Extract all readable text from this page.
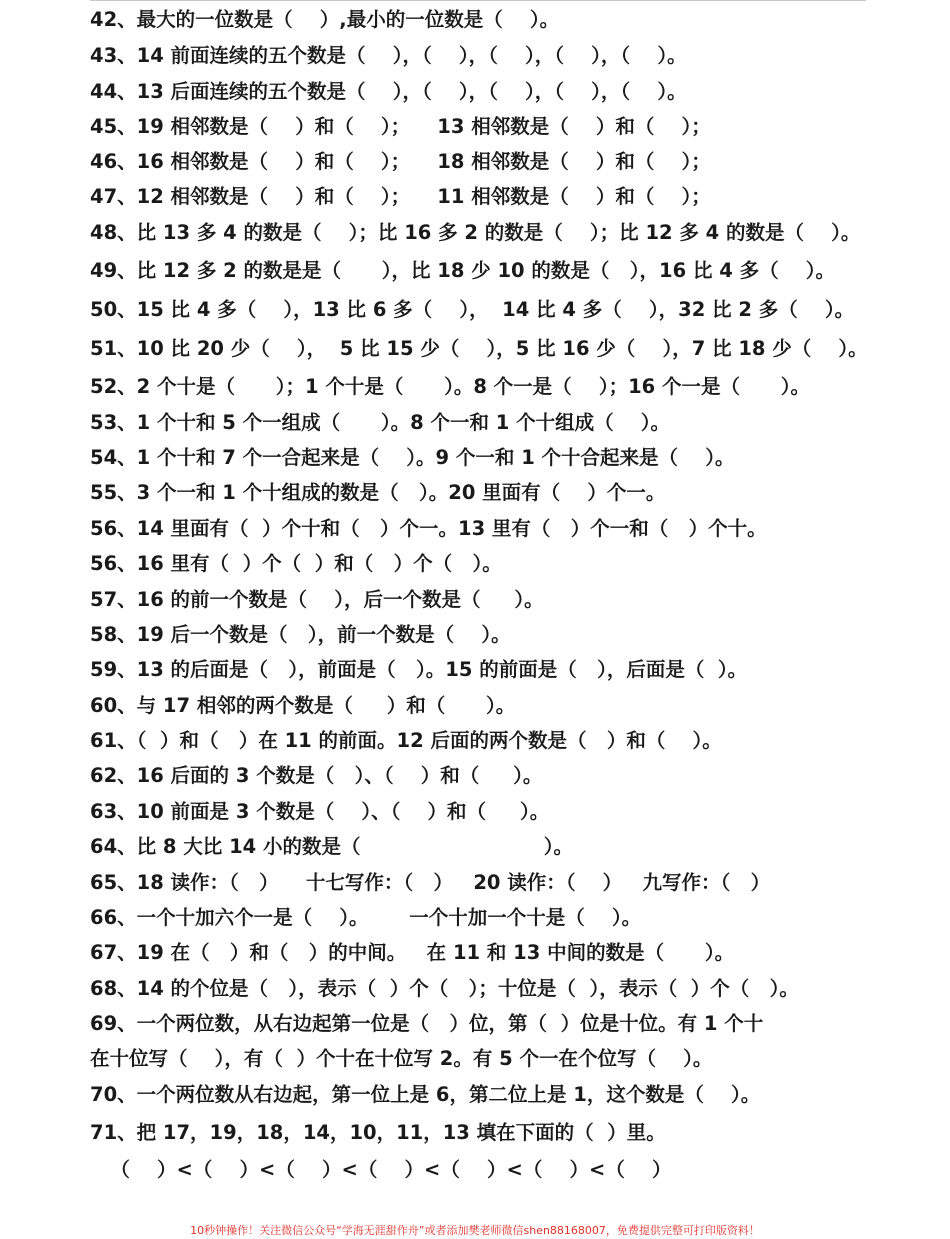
42、最大的一位数是（    ）,最小的一位数是（    ）。
43、14 前面连续的五个数是（    ），（    ），（    ），（    ），（    ）。
44、13 后面连续的五个数是（    ），（    ），（    ），（    ），（    ）。
45、19 相邻数是（    ）和（    ）；    13 相邻数是（    ）和（    ）；
46、16 相邻数是（    ）和（    ）；    18 相邻数是（    ）和（    ）；
47、12 相邻数是（    ）和（    ）；    11 相邻数是（    ）和（    ）；
48、比 13 多 4 的数是（    ）；比 16 多 2 的数是（    ）；比 12 多 4 的数是（    ）。
49、比 12 多 2 的数是是（      ），比 18 少 10 的数是（   ），16 比 4 多（    ）。
50、15 比 4 多（    ），13 比 6 多（    ），  14 比 4 多（    ），32 比 2 多（    ）。
51、10 比 20 少（    ），  5 比 15 少（    ），5 比 16 少（    ），7 比 18 少（    ）。
52、2 个十是（      ）；1 个十是（      ）。8 个一是（    ）；16 个一是（      ）。
53、1 个十和 5 个一组成（      ）。8 个一和 1 个十组成（    ）。
54、1 个十和 7 个一合起来是（    ）。9 个一和 1 个十合起来是（    ）。
55、3 个一和 1 个十组成的数是（   ）。20 里面有（    ）个一。
56、14 里面有（  ）个十和（   ）个一。13 里有（   ）个一和（   ）个十。
56、16 里有（  ）个（  ）和（   ）个（   ）。
57、16 的前一个数是（    ），后一个数是（     ）。
58、19 后一个数是（   ），前一个数是（    ）。
59、13 的后面是（   ），前面是（   ）。15 的前面是（   ），后面是（  ）。
60、与 17 相邻的两个数是（     ）和（      ）。
61、（  ）和（   ）在 11 的前面。12 后面的两个数是（   ）和（    ）。
62、16 后面的 3 个数是（   ）、（    ）和（     ）。
63、10 前面是 3 个数是（    ）、（    ）和（     ）。
64、比 8 大比 14 小的数是（                           ）。
65、18 读作：（   ）    十七写作：（   ）   20 读作：（    ）   九写作：（   ）
66、一个十加六个一是（    ）。      一个十加一个十是（    ）。
67、19 在（   ）和（   ）的中间。   在 11 和 13 中间的数是（      ）。
68、14 的个位是（   ），表示（  ）个（   ）；十位是（  ），表示（  ）个（   ）。
69、一个两位数，从右边起第一位是（   ）位，第（  ）位是十位。有 1 个十
在十位写（    ），有（  ）个十在十位写 2。有 5 个一在个位写（    ）。
70、一个两位数从右边起，第一位上是 6，第二位上是 1，这个数是（    ）。
71、把 17，19，18，14，10，11，13 填在下面的（  ）里。
（    ）<（    ）<（    ）<（    ）<（    ）<（    ）<（    ）
10秒钟操作！关注微信公众号“学海无涯甜作舟”或者添加樊老师微信shen88168007，免费提供完整可打印版资料！
